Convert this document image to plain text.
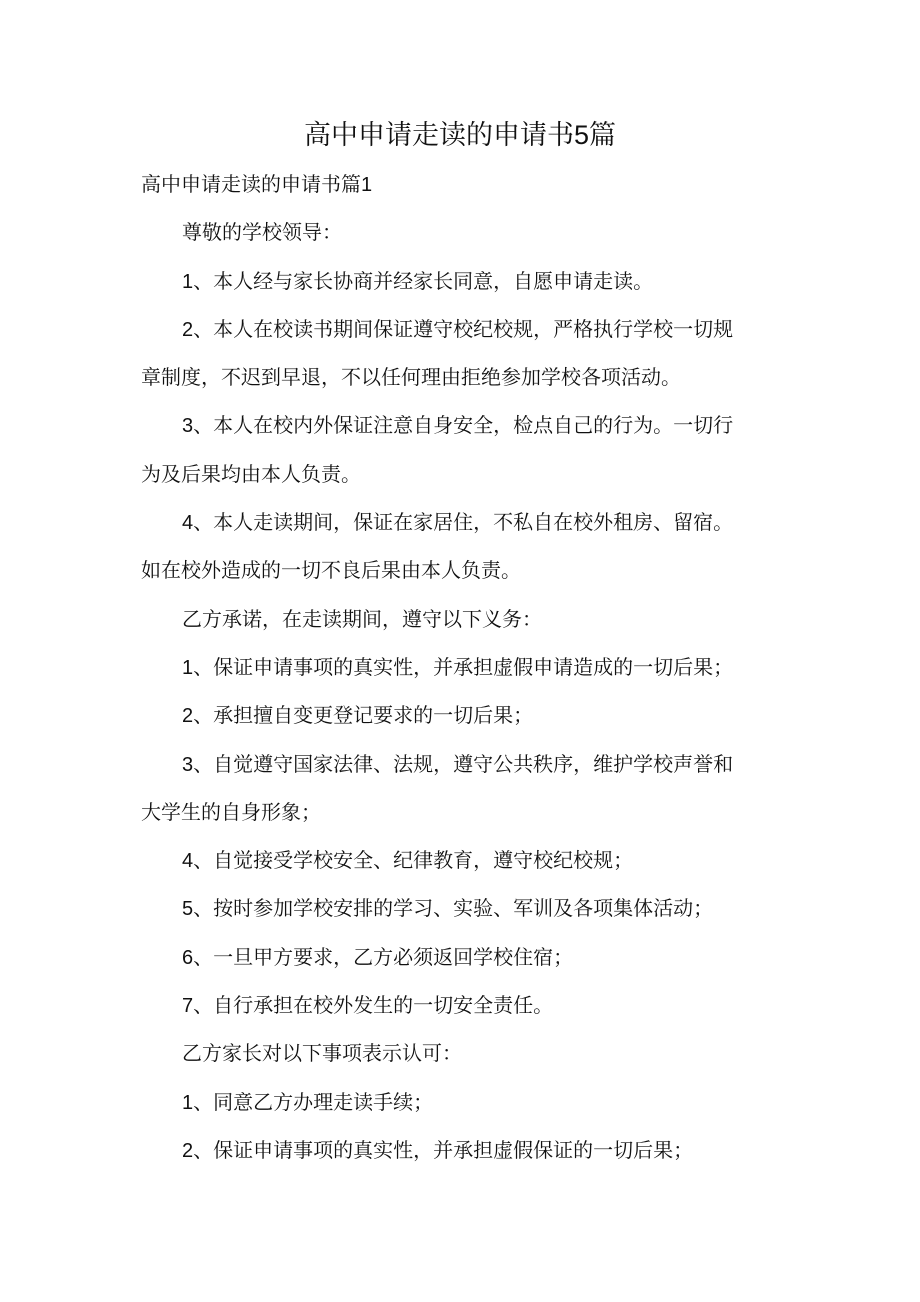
高中申请走读的申请书5篇
高中申请走读的申请书篇1
尊敬的学校领导：
1、本人经与家长协商并经家长同意，自愿申请走读。
2、本人在校读书期间保证遵守校纪校规，严格执行学校一切规
章制度，不迟到早退，不以任何理由拒绝参加学校各项活动。
3、本人在校内外保证注意自身安全，检点自己的行为。一切行
为及后果均由本人负责。
4、本人走读期间，保证在家居住，不私自在校外租房、留宿。
如在校外造成的一切不良后果由本人负责。
乙方承诺，在走读期间，遵守以下义务：
1、保证申请事项的真实性，并承担虚假申请造成的一切后果；
2、承担擅自变更登记要求的一切后果；
3、自觉遵守国家法律、法规，遵守公共秩序，维护学校声誉和
大学生的自身形象；
4、自觉接受学校安全、纪律教育，遵守校纪校规；
5、按时参加学校安排的学习、实验、军训及各项集体活动；
6、一旦甲方要求，乙方必须返回学校住宿；
7、自行承担在校外发生的一切安全责任。
乙方家长对以下事项表示认可：
1、同意乙方办理走读手续；
2、保证申请事项的真实性，并承担虚假保证的一切后果；
